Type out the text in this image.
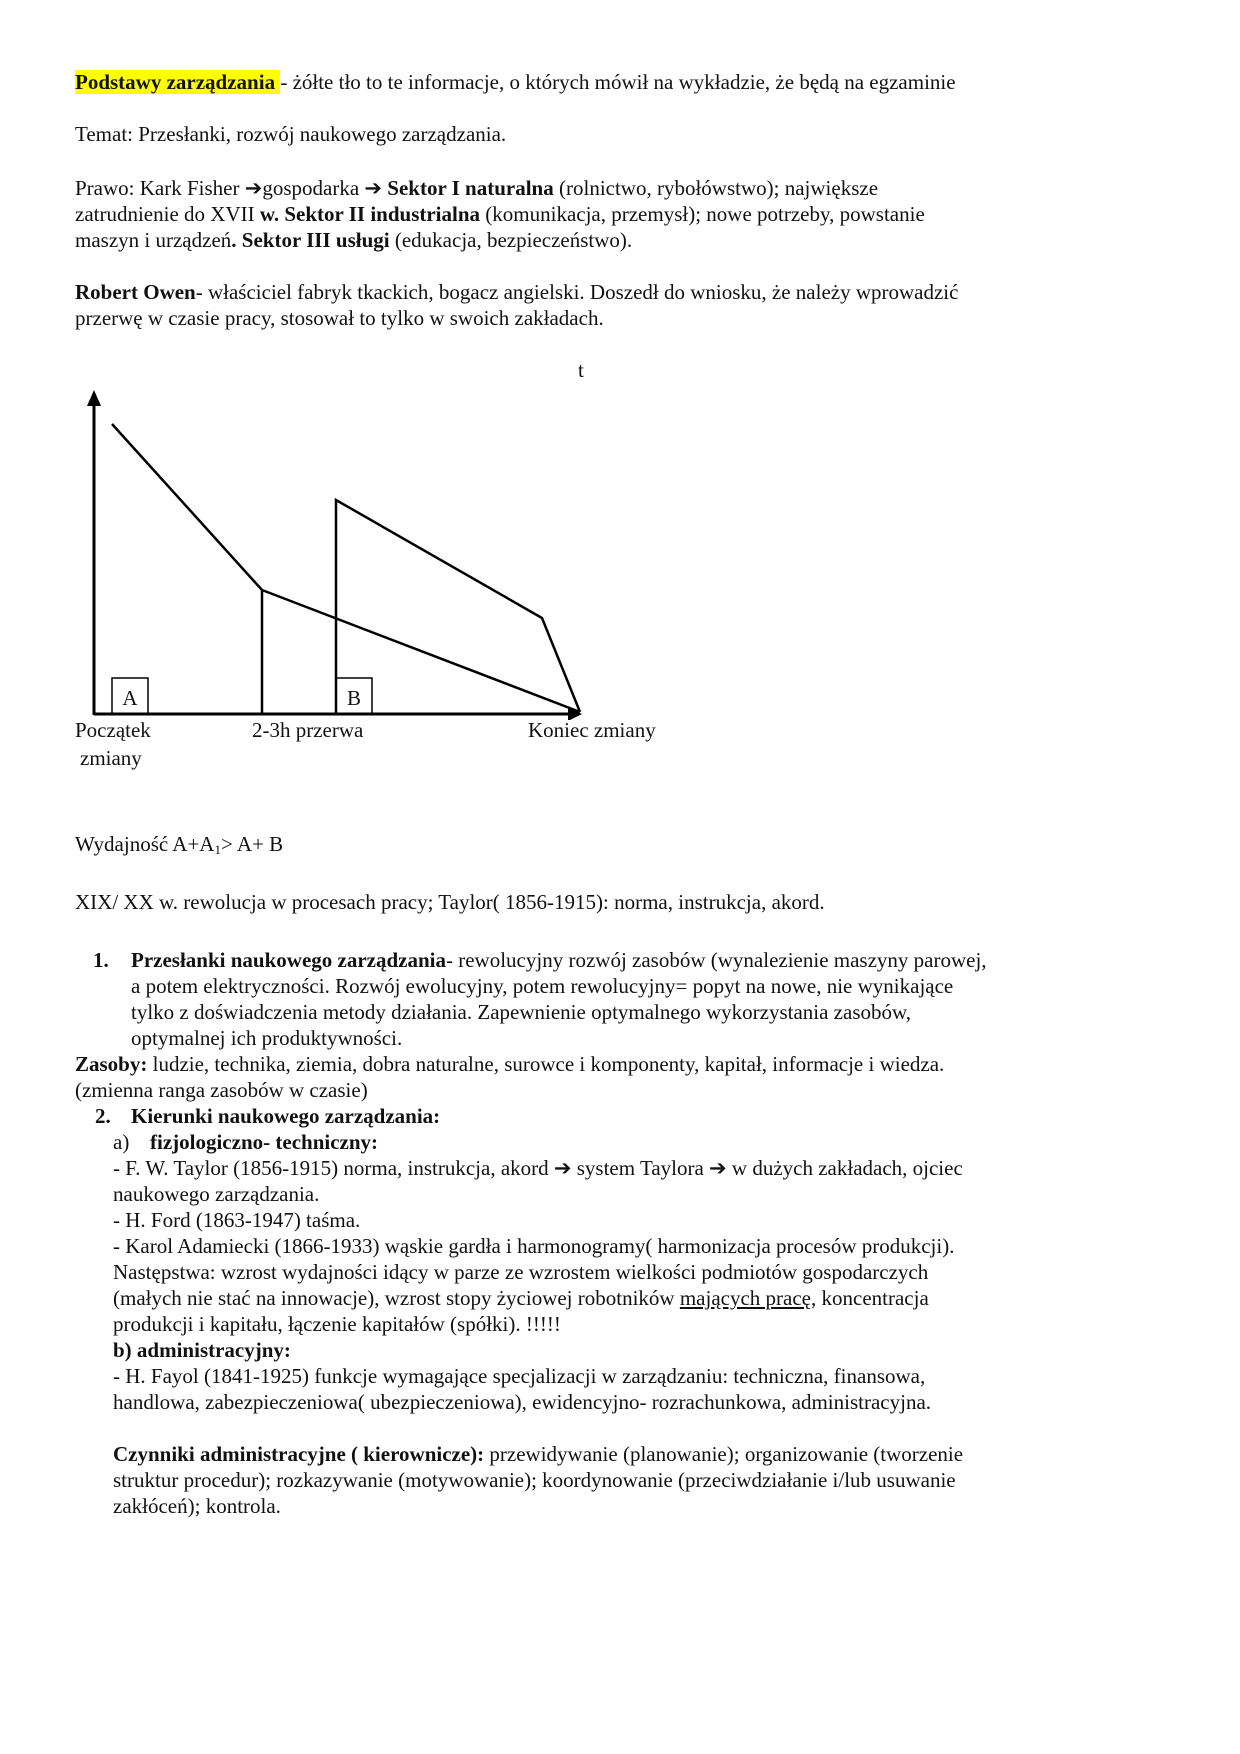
Podstawy zarządzania - żółte tło to te informacje, o których mówił na wykładzie, że będą na egzaminie
Temat: Przesłanki, rozwój naukowego zarządzania.
Prawo: Kark Fisher ➔gospodarka ➔ Sektor I naturalna (rolnictwo, rybołówstwo); największe
zatrudnienie do XVII w. Sektor II industrialna (komunikacja, przemysł); nowe potrzeby, powstanie
maszyn i urządzeń. Sektor III usługi (edukacja, bezpieczeństwo).
Robert Owen- właściciel fabryk tkackich, bogacz angielski. Doszedł do wniosku, że należy wprowadzić
przerwę w czasie pracy, stosował to tylko w swoich zakładach.
t
A	B
Początek
zmiany
2-3h przerwa	Koniec zmiany
Wydajność $A+A_1> A+ B$
XIX/ XX w. rewolucja w procesach pracy; Taylor( 1856-1915): norma, instrukcja, akord.
1. Przesłanki naukowego zarządzania- rewolucyjny rozwój zasobów (wynalezienie maszyny parowej,
a potem elektryczności. Rozwój ewolucyjny, potem rewolucyjny= popyt na nowe, nie wynikające
tylko z doświadczenia metody działania. Zapewnienie optymalnego wykorzystania zasobów,
optymalnej ich produktywności.
Zasoby: ludzie, technika, ziemia, dobra naturalne, surowce i komponenty, kapitał, informacje i wiedza.
(zmienna ranga zasobów w czasie)
2. Kierunki naukowego zarządzania:
a) fizjologiczno- techniczny:
- F. W. Taylor (1856-1915) norma, instrukcja, akord ➔ system Taylora ➔ w dużych zakładach, ojciec
naukowego zarządzania.
- H. Ford (1863-1947) taśma.
- Karol Adamiecki (1866-1933) wąskie gardła i harmonogramy( harmonizacja procesów produkcji).
Następstwa: wzrost wydajności idący w parze ze wzrostem wielkości podmiotów gospodarczych
(małych nie stać na innowacje), wzrost stopy życiowej robotników mających pracę, koncentracja
produkcji i kapitału, łączenie kapitałów (spółki). !!!!!
b) administracyjny:
- H. Fayol (1841-1925) funkcje wymagające specjalizacji w zarządzaniu: techniczna, finansowa,
handlowa, zabezpieczeniowa( ubezpieczeniowa), ewidencyjno- rozrachunkowa, administracyjna.
Czynniki administracyjne ( kierownicze): przewidywanie (planowanie); organizowanie (tworzenie
struktur procedur); rozkazywanie (motywowanie); koordynowanie (przeciwdziałanie i/lub usuwanie
zakłóceń); kontrola.
